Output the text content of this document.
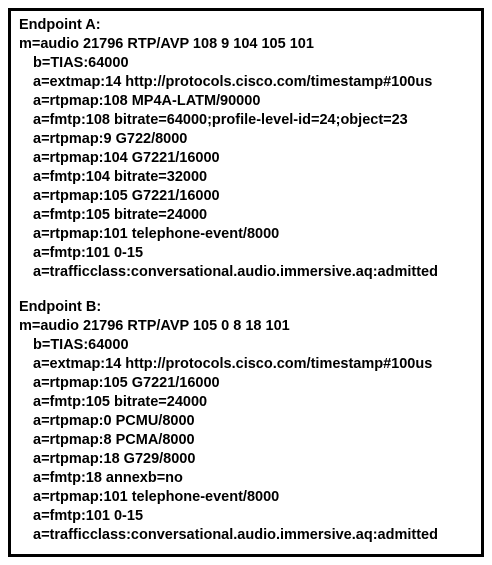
Endpoint A:
m=audio 21796 RTP/AVP 108 9 104 105 101
b=TIAS:64000
a=extmap:14 http://protocols.cisco.com/timestamp#100us
a=rtpmap:108 MP4A-LATM/90000
a=fmtp:108 bitrate=64000;profile-level-id=24;object=23
a=rtpmap:9 G722/8000
a=rtpmap:104 G7221/16000
a=fmtp:104 bitrate=32000
a=rtpmap:105 G7221/16000
a=fmtp:105 bitrate=24000
a=rtpmap:101 telephone-event/8000
a=fmtp:101 0-15
a=trafficclass:conversational.audio.immersive.aq:admitted
Endpoint B:
m=audio 21796 RTP/AVP 105 0 8 18 101
b=TIAS:64000
a=extmap:14 http://protocols.cisco.com/timestamp#100us
a=rtpmap:105 G7221/16000
a=fmtp:105 bitrate=24000
a=rtpmap:0 PCMU/8000
a=rtpmap:8 PCMA/8000
a=rtpmap:18 G729/8000
a=fmtp:18 annexb=no
a=rtpmap:101 telephone-event/8000
a=fmtp:101 0-15
a=trafficclass:conversational.audio.immersive.aq:admitted
